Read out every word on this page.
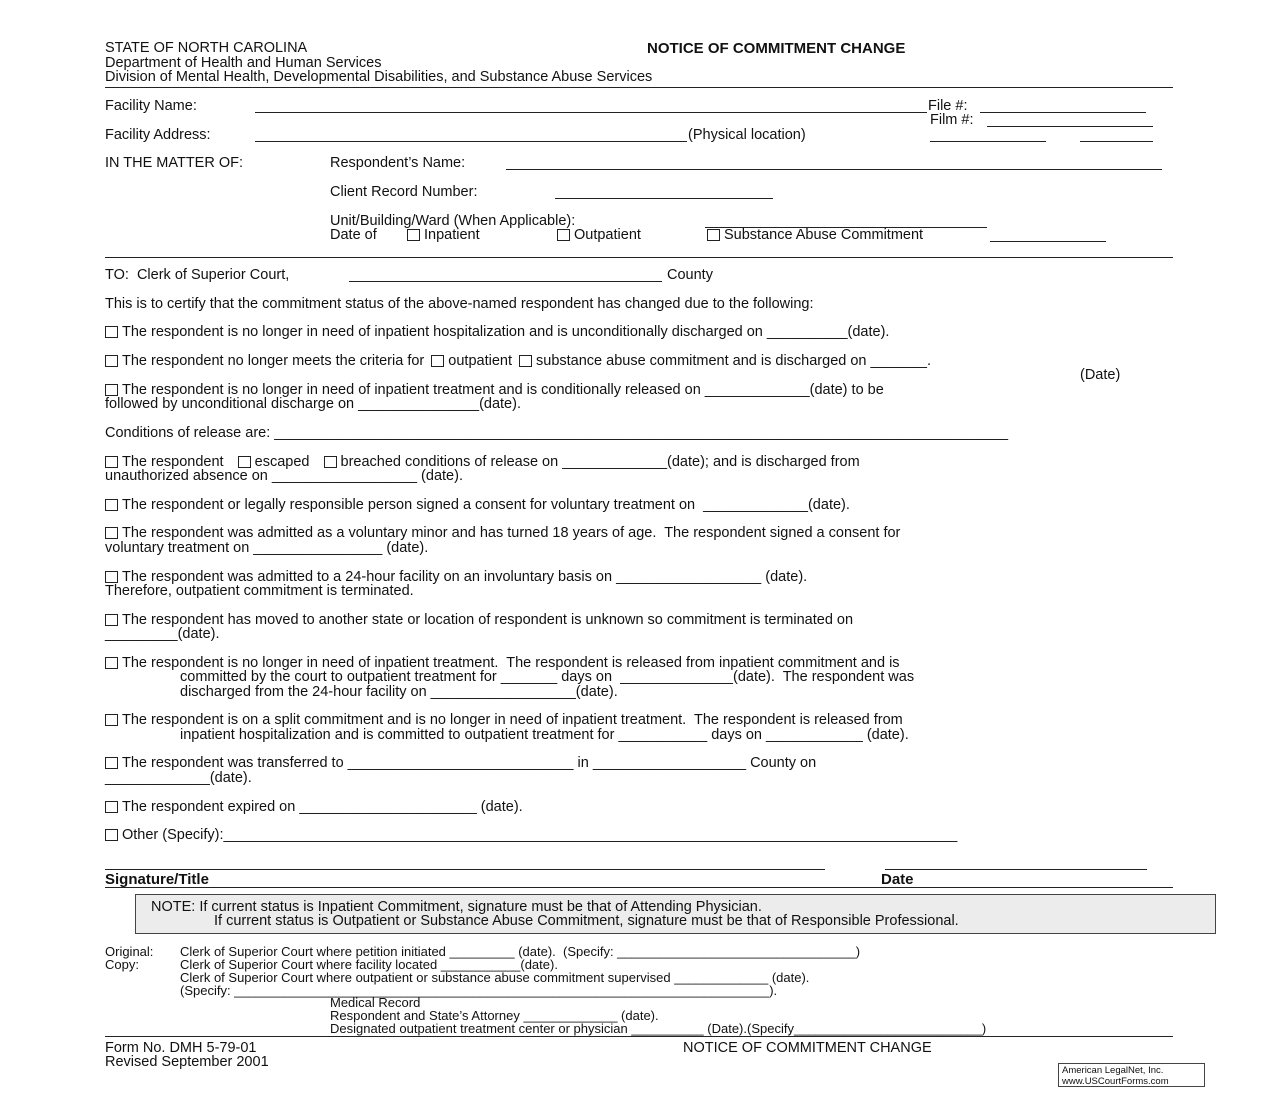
STATE OF NORTH CAROLINA
Department of Health and Human Services
Division of Mental Health, Developmental Disabilities, and Substance Abuse Services
NOTICE OF COMMITMENT CHANGE
Facility Name:	File #:
Film #:
Facility Address:	(Physical location)
IN THE MATTER OF:	Respondent’s Name:
Client Record Number:
Unit/Building/Ward (When Applicable):
Date of	Inpatient	Outpatient	Substance Abuse Commitment
TO:  Clerk of Superior Court,	County
This is to certify that the commitment status of the above-named respondent has changed due to the following:
The respondent is no longer in need of inpatient hospitalization and is unconditionally discharged on __________(date).
The respondent no longer meets the criteria for outpatient substance abuse commitment and is discharged on _______.
(Date)
The respondent is no longer in need of inpatient treatment and is conditionally released on _____________(date) to be
followed by unconditional discharge on _______________(date).
Conditions of release are: ___________________________________________________________________________________________
The respondent escaped breached conditions of release on _____________(date); and is discharged from
unauthorized absence on __________________ (date).
The respondent or legally responsible person signed a consent for voluntary treatment on  _____________(date).
The respondent was admitted as a voluntary minor and has turned 18 years of age.  The respondent signed a consent for
voluntary treatment on ________________ (date).
The respondent was admitted to a 24-hour facility on an involuntary basis on __________________ (date).
Therefore, outpatient commitment is terminated.
The respondent has moved to another state or location of respondent is unknown so commitment is terminated on
_________(date).
The respondent is no longer in need of inpatient treatment.  The respondent is released from inpatient commitment and is
committed by the court to outpatient treatment for _______ days on  ______________(date).  The respondent was
discharged from the 24-hour facility on __________________(date).
The respondent is on a split commitment and is no longer in need of inpatient treatment.  The respondent is released from
inpatient hospitalization and is committed to outpatient treatment for ___________ days on ____________ (date).
The respondent was transferred to ____________________________ in ___________________ County on
_____________(date).
The respondent expired on ______________________ (date).
Other (Specify):___________________________________________________________________________________________
Signature/Title	Date
NOTE: If current status is Inpatient Commitment, signature must be that of Attending Physician.
If current status is Outpatient or Substance Abuse Commitment, signature must be that of Responsible Professional.
Original:
Copy:
Clerk of Superior Court where petition initiated _________ (date).  (Specify: _________________________________)
Clerk of Superior Court where facility located ___________(date).
Clerk of Superior Court where outpatient or substance abuse commitment supervised _____________ (date).
(Specify: __________________________________________________________________________).
Medical Record
Respondent and State’s Attorney _____________ (date).
Designated outpatient treatment center or physician __________ (Date).(Specify__________________________)
Form No. DMH 5-79-01
Revised September 2001
NOTICE OF COMMITMENT CHANGE
American LegalNet, Inc.
www.USCourtForms.com
